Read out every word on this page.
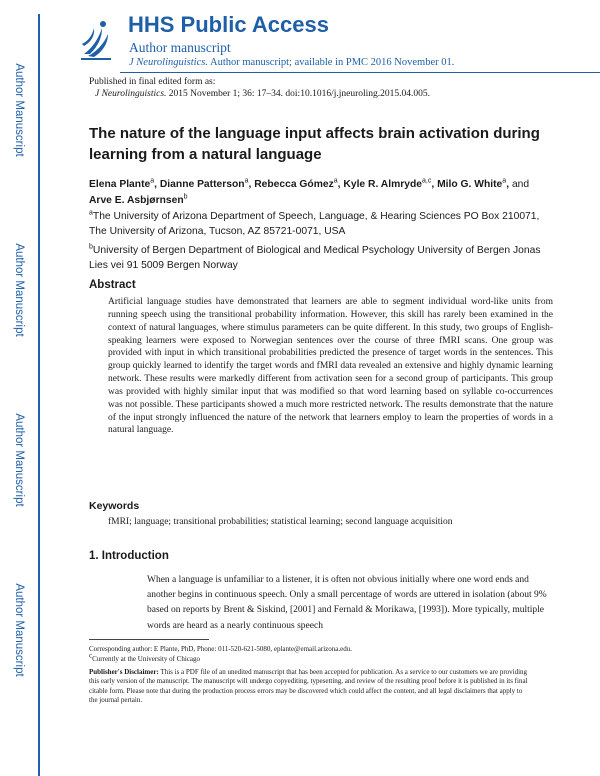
Author Manuscript
Author Manuscript
Author Manuscript
Author Manuscript
HHS Public Access
Author manuscript
J Neurolinguistics. Author manuscript; available in PMC 2016 November 01.
Published in final edited form as:
J Neurolinguistics. 2015 November 1; 36: 17–34. doi:10.1016/j.jneuroling.2015.04.005.
The nature of the language input affects brain activation during learning from a natural language
Elena Plante$^a$, Dianne Patterson$^a$, Rebecca Gómez$^a$, Kyle R. Almryde$^{a,c}$, Milo G. White$^a$, and
Arve E. Asbjørnsen$^b$
$^a$The University of Arizona Department of Speech, Language, & Hearing Sciences PO Box 210071, The University of Arizona, Tucson, AZ 85721-0071, USA
$^b$University of Bergen Department of Biological and Medical Psychology University of Bergen Jonas Lies vei 91 5009 Bergen Norway
Abstract
Artificial language studies have demonstrated that learners are able to segment individual word-like units from running speech using the transitional probability information. However, this skill has rarely been examined in the context of natural languages, where stimulus parameters can be quite different. In this study, two groups of English-speaking learners were exposed to Norwegian sentences over the course of three fMRI scans. One group was provided with input in which transitional probabilities predicted the presence of target words in the sentences. This group quickly learned to identify the target words and fMRI data revealed an extensive and highly dynamic learning network. These results were markedly different from activation seen for a second group of participants. This group was provided with highly similar input that was modified so that word learning based on syllable co-occurrences was not possible. These participants showed a much more restricted network. The results demonstrate that the nature of the input strongly influenced the nature of the network that learners employ to learn the properties of words in a natural language.
Keywords
fMRI; language; transitional probabilities; statistical learning; second language acquisition
1. Introduction
When a language is unfamiliar to a listener, it is often not obvious initially where one word ends and another begins in continuous speech. Only a small percentage of words are uttered in isolation (about 9% based on reports by Brent & Siskind, [2001] and Fernald & Morikawa, [1993]). More typically, multiple words are heard as a nearly continuous speech
Corresponding author: E Plante, PhD, Phone: 011-520-621-5080, eplante@email.arizona.edu.
$^c$Currently at the University of Chicago
Publisher's Disclaimer: This is a PDF file of an unedited manuscript that has been accepted for publication. As a service to our customers we are providing this early version of the manuscript. The manuscript will undergo copyediting, typesetting, and review of the resulting proof before it is published in its final citable form. Please note that during the production process errors may be discovered which could affect the content, and all legal disclaimers that apply to the journal pertain.
